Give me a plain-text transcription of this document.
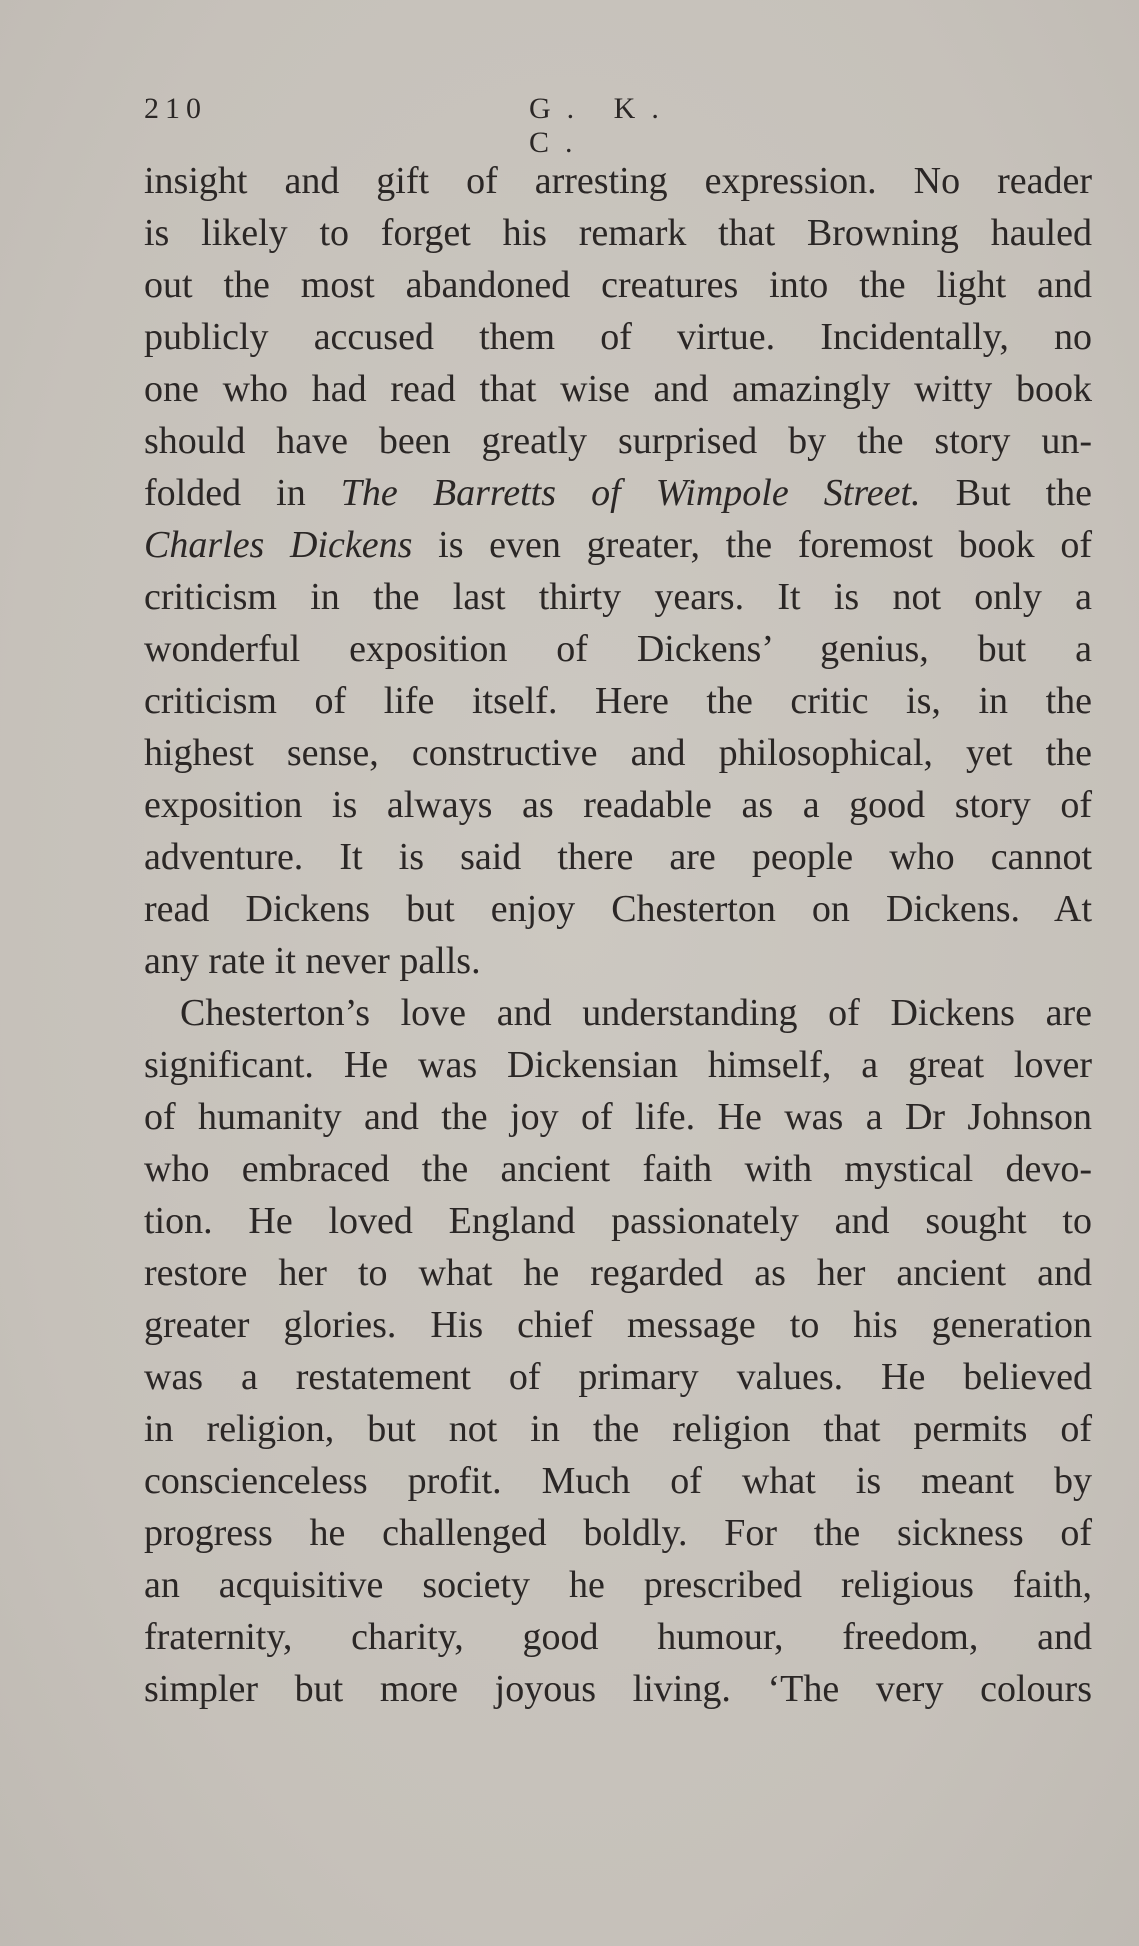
210	G. K. C.
insight and gift of arresting expression. No reader
is likely to forget his remark that Browning hauled
out the most abandoned creatures into the light and
publicly accused them of virtue. Incidentally, no
one who had read that wise and amazingly witty book
should have been greatly surprised by the story un-
folded in The Barretts of Wimpole Street. But the
Charles Dickens is even greater, the foremost book of
criticism in the last thirty years. It is not only a
wonderful exposition of Dickens’ genius, but a
criticism of life itself. Here the critic is, in the
highest sense, constructive and philosophical, yet the
exposition is always as readable as a good story of
adventure. It is said there are people who cannot
read Dickens but enjoy Chesterton on Dickens. At
any rate it never palls.
Chesterton’s love and understanding of Dickens are
significant. He was Dickensian himself, a great lover
of humanity and the joy of life. He was a Dr Johnson
who embraced the ancient faith with mystical devo-
tion. He loved England passionately and sought to
restore her to what he regarded as her ancient and
greater glories. His chief message to his generation
was a restatement of primary values. He believed
in religion, but not in the religion that permits of
conscienceless profit. Much of what is meant by
progress he challenged boldly. For the sickness of
an acquisitive society he prescribed religious faith,
fraternity, charity, good humour, freedom, and
simpler but more joyous living. ‘The very colours
